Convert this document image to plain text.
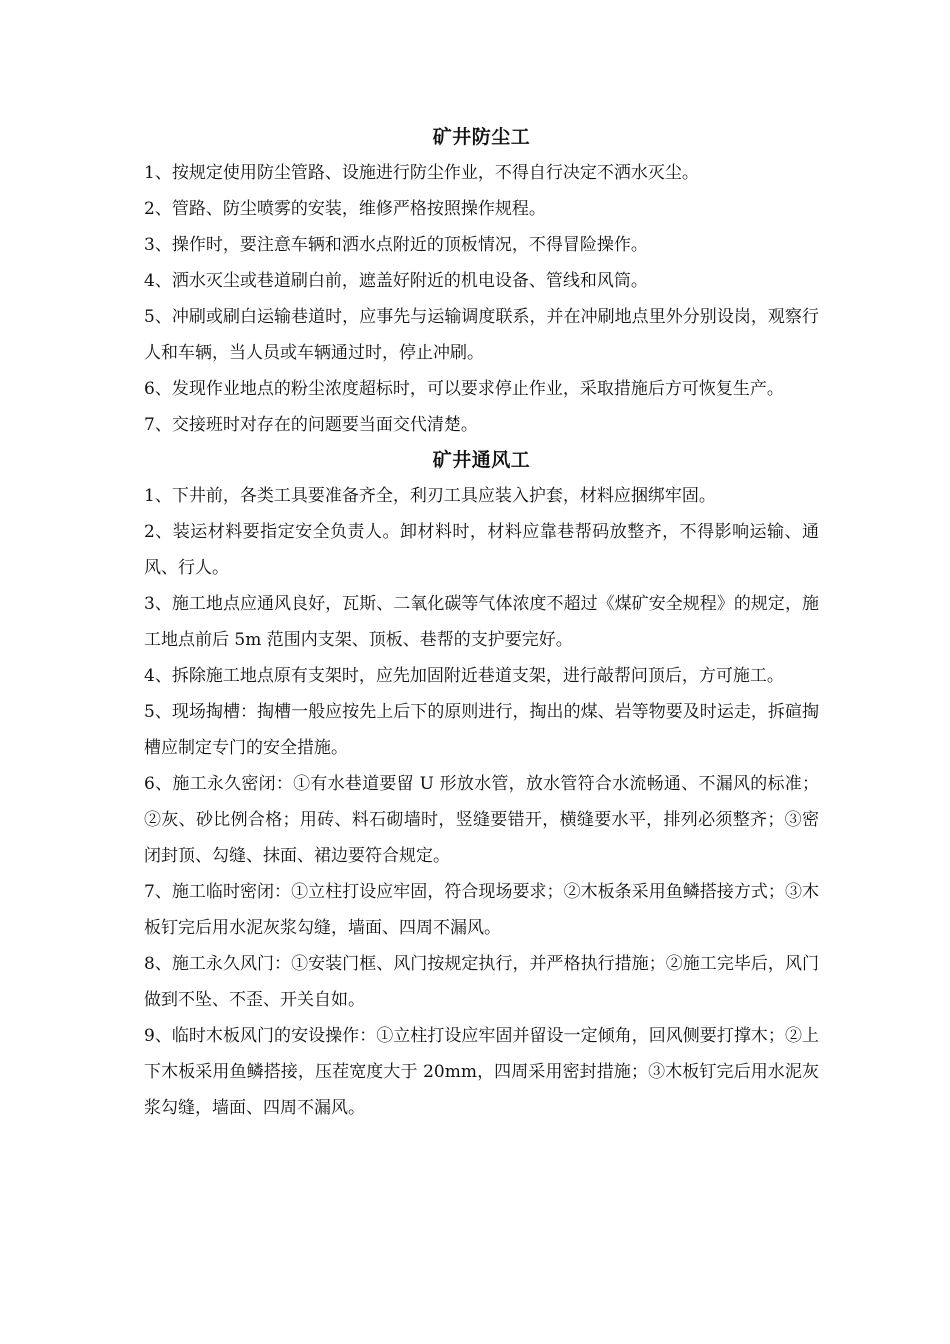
矿井防尘工

1、按规定使用防尘管路、设施进行防尘作业，不得自行决定不洒水灭尘。

2、管路、防尘喷雾的安装，维修严格按照操作规程。

3、操作时，要注意车辆和洒水点附近的顶板情况，不得冒险操作。

4、洒水灭尘或巷道刷白前，遮盖好附近的机电设备、管线和风筒。

5、冲刷或刷白运输巷道时，应事先与运输调度联系，并在冲刷地点里外分别设岗，观察行人和车辆，当人员或车辆通过时，停止冲刷。

6、发现作业地点的粉尘浓度超标时，可以要求停止作业，采取措施后方可恢复生产。

7、交接班时对存在的问题要当面交代清楚。

矿井通风工

1、下井前，各类工具要准备齐全，利刃工具应装入护套，材料应捆绑牢固。

2、装运材料要指定安全负责人。卸材料时，材料应靠巷帮码放整齐，不得影响运输、通风、行人。

3、施工地点应通风良好，瓦斯、二氧化碳等气体浓度不超过《煤矿安全规程》的规定，施工地点前后 5m 范围内支架、顶板、巷帮的支护要完好。

4、拆除施工地点原有支架时，应先加固附近巷道支架，进行敲帮问顶后，方可施工。

5、现场掏槽：掏槽一般应按先上后下的原则进行，掏出的煤、岩等物要及时运走，拆碹掏槽应制定专门的安全措施。

6、施工永久密闭：①有水巷道要留 U 形放水管，放水管符合水流畅通、不漏风的标准；②灰、砂比例合格；用砖、料石砌墙时，竖缝要错开，横缝要水平，排列必须整齐；③密闭封顶、勾缝、抹面、裙边要符合规定。

7、施工临时密闭：①立柱打设应牢固，符合现场要求；②木板条采用鱼鳞搭接方式；③木板钉完后用水泥灰浆勾缝，墙面、四周不漏风。

8、施工永久风门：①安装门框、风门按规定执行，并严格执行措施；②施工完毕后，风门做到不坠、不歪、开关自如。

9、临时木板风门的安设操作：①立柱打设应牢固并留设一定倾角，回风侧要打撑木；②上下木板采用鱼鳞搭接，压茬宽度大于 20mm，四周采用密封措施；③木板钉完后用水泥灰浆勾缝，墙面、四周不漏风。
